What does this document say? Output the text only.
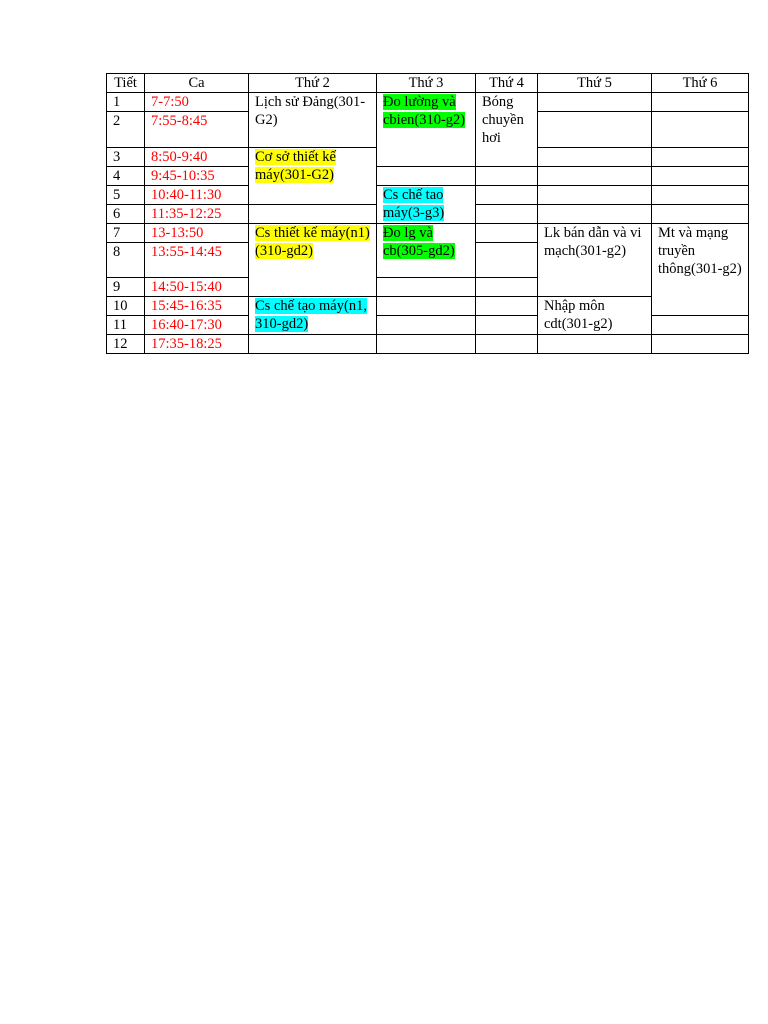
Tiết	Ca	Thứ 2	Thứ 3	Thứ 4	Thứ 5	Thứ 6	
1	7-7:50	Lịch sử Đảng(301-G2)	Đo lường và cbien(310-g2)	Bóng chuyền hơi			
2	7:55-8:45						
3	8:50-9:40	Cơ sở thiết kế máy(301-G2)					
4	9:45-10:35						
5	10:40-11:30		Cs chế tao máy(3-g3)				
6	11:35-12:25						
7	13-13:50	Cs thiết kế máy(n1)(310-gd2)	Đo lg và cb(305-gd2)		Lk bán dẫn và vi mạch(301-g2)	Mt và mạng truyền thông(301-g2)	
8	13:55-14:45						
9	14:50-15:40						
10	15:45-16:35	Cs chế tạo máy(n1, 310-gd2)			Nhập môn cdt(301-g2)		
11	16:40-17:30						
12	17:35-18:25						
